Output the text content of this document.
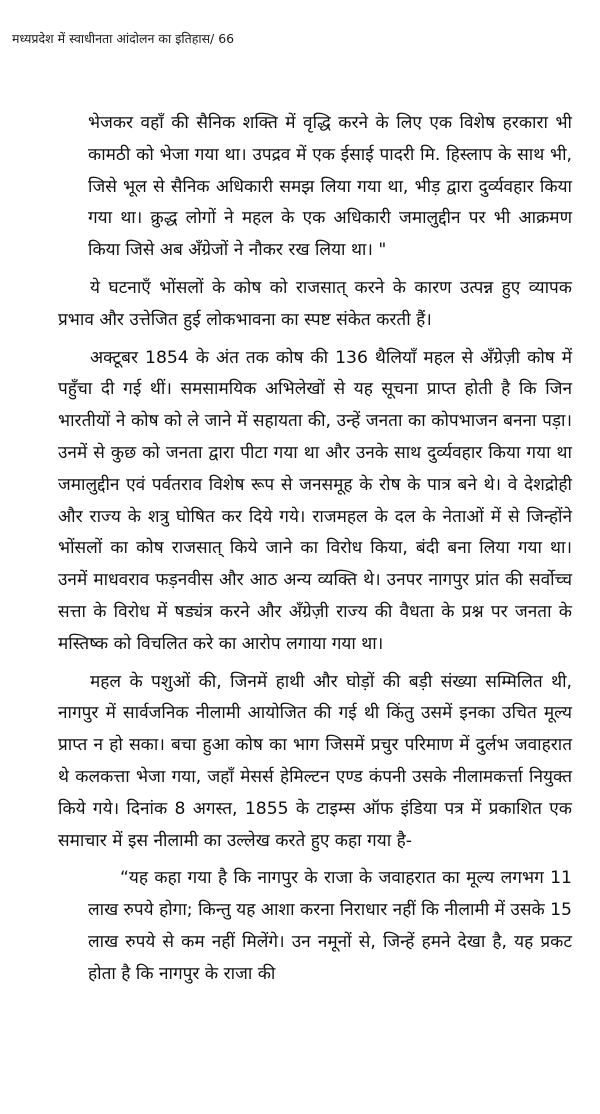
मध्यप्रदेश में स्वाधीनता आंदोलन का इतिहास/ 66

भेजकर वहाँ की सैनिक शक्ति में वृद्धि करने के लिए एक विशेष हरकारा भी कामठी को भेजा गया था। उपद्रव में एक ईसाई पादरी मि. हिस्लाप के साथ भी, जिसे भूल से सैनिक अधिकारी समझ लिया गया था, भीड़ द्वारा दुर्व्यवहार किया गया था। क्रुद्ध लोगों ने महल के एक अधिकारी जमालुद्दीन पर भी आक्रमण किया जिसे अब अँग्रेजों ने नौकर रख लिया था। "

ये घटनाएँ भोंसलों के कोष को राजसात् करने के कारण उत्पन्न हुए व्यापक प्रभाव और उत्तेजित हुई लोकभावना का स्पष्ट संकेत करती हैं।

अक्टूबर 1854 के अंत तक कोष की 136 थैलियाँ महल से अँग्रेज़ी कोष में पहुँचा दी गई थीं। समसामयिक अभिलेखों से यह सूचना प्राप्त होती है कि जिन भारतीयों ने कोष को ले जाने में सहायता की, उन्हें जनता का कोपभाजन बनना पड़ा। उनमें से कुछ को जनता द्वारा पीटा गया था और उनके साथ दुर्व्यवहार किया गया था जमालुद्दीन एवं पर्वतराव विशेष रूप से जनसमूह के रोष के पात्र बने थे। वे देशद्रोही और राज्य के शत्रु घोषित कर दिये गये। राजमहल के दल के नेताओं में से जिन्होंने भोंसलों का कोष राजसात् किये जाने का विरोध किया, बंदी बना लिया गया था। उनमें माधवराव फड़नवीस और आठ अन्य व्यक्ति थे। उनपर नागपुर प्रांत की सर्वोच्च सत्ता के विरोध में षड्यंत्र करने और अँग्रेज़ी राज्य की वैधता के प्रश्न पर जनता के मस्तिष्क को विचलित करे का आरोप लगाया गया था।

महल के पशुओं की, जिनमें हाथी और घोड़ों की बड़ी संख्या सम्मिलित थी, नागपुर में सार्वजनिक नीलामी आयोजित की गई थी किंतु उसमें इनका उचित मूल्य प्राप्त न हो सका। बचा हुआ कोष का भाग जिसमें प्रचुर परिमाण में दुर्लभ जवाहरात थे कलकत्ता भेजा गया, जहाँ मेसर्स हेमिल्टन एण्ड कंपनी उसके नीलामकर्त्ता नियुक्त किये गये। दिनांक 8 अगस्त, 1855 के टाइम्स ऑफ इंडिया पत्र में प्रकाशित एक समाचार में इस नीलामी का उल्लेख करते हुए कहा गया है-

“यह कहा गया है कि नागपुर के राजा के जवाहरात का मूल्य लगभग 11 लाख रुपये होगा; किन्तु यह आशा करना निराधार नहीं कि नीलामी में उसके 15 लाख रुपये से कम नहीं मिलेंगे। उन नमूनों से, जिन्हें हमने देखा है, यह प्रकट होता है कि नागपुर के राजा की
